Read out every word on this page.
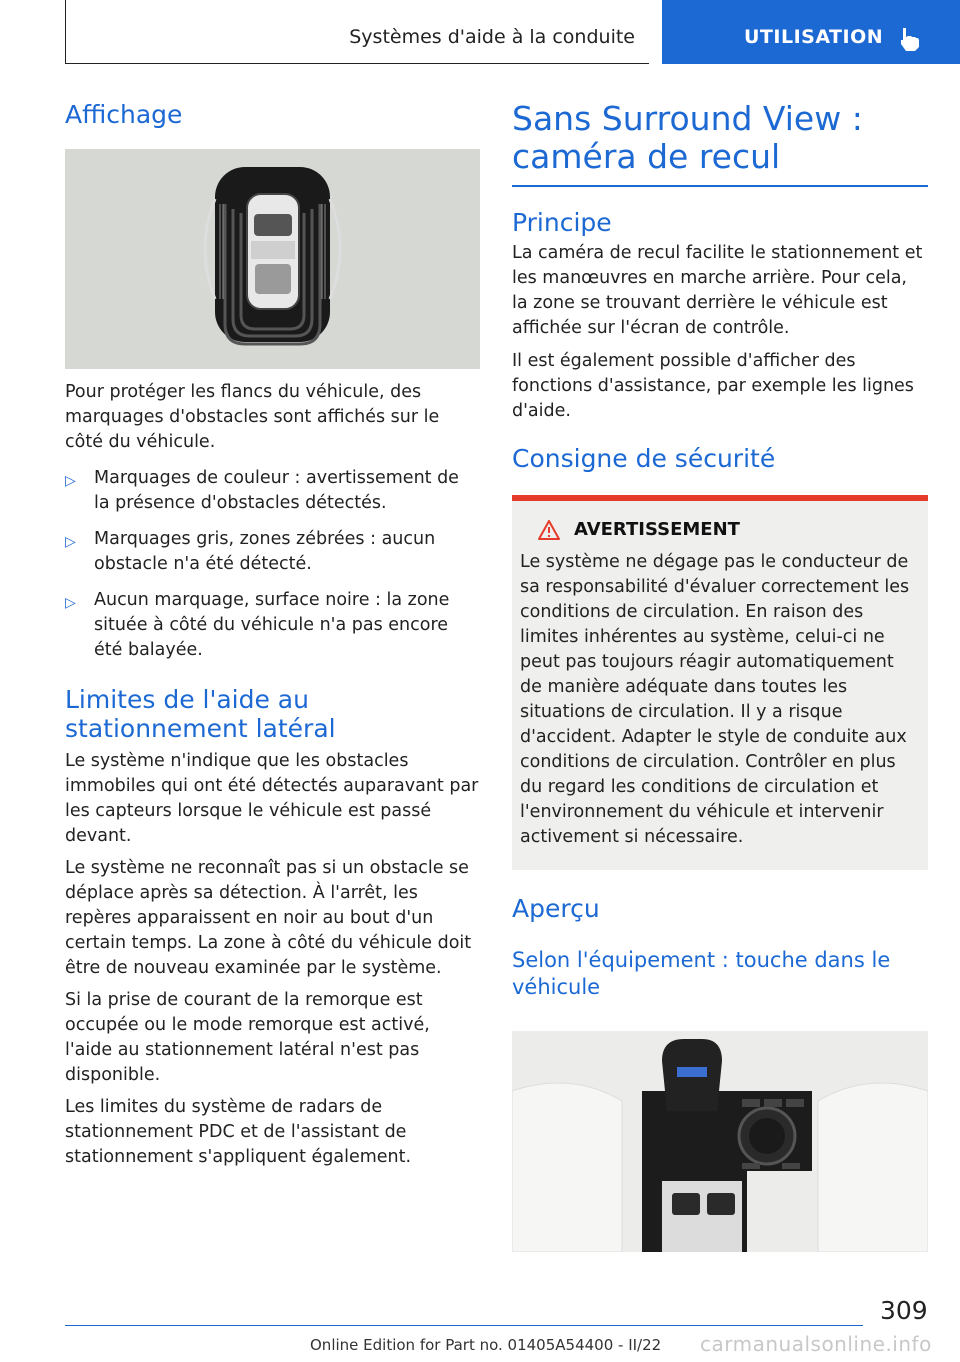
Systèmes d'aide à la conduite	UTILISATION
Affichage

Pour protéger les flancs du véhicule, des marquages d'obstacles sont affichés sur le côté du véhicule.

▷ Marquages de couleur : avertissement de la présence d'obstacles détectés.
▷ Marquages gris, zones zébrées : aucun obstacle n'a été détecté.
▷ Aucun marquage, surface noire : la zone située à côté du véhicule n'a pas encore été balayée.
Limites de l'aide au stationnement latéral

Le système n'indique que les obstacles immobiles qui ont été détectés auparavant par les capteurs lorsque le véhicule est passé devant.

Le système ne reconnaît pas si un obstacle se déplace après sa détection. À l'arrêt, les repères apparaissent en noir au bout d'un certain temps. La zone à côté du véhicule doit être de nouveau examinée par le système.

Si la prise de courant de la remorque est occupée ou le mode remorque est activé, l'aide au stationnement latéral n'est pas disponible.

Les limites du système de radars de stationnement PDC et de l'assistant de stationnement s'appliquent également.

Sans Surround View : caméra de recul
Principe

La caméra de recul facilite le stationnement et les manœuvres en marche arrière. Pour cela, la zone se trouvant derrière le véhicule est affichée sur l'écran de contrôle.

Il est également possible d'afficher des fonctions d'assistance, par exemple les lignes d'aide.

Consigne de sécurité
AVERTISSEMENT

Le système ne dégage pas le conducteur de sa responsabilité d'évaluer correctement les conditions de circulation. En raison des limites inhérentes au système, celui-ci ne peut pas toujours réagir automatiquement de manière adéquate dans toutes les situations de circulation. Il y a risque d'accident. Adapter le style de conduite aux conditions de circulation. Contrôler en plus du regard les conditions de circulation et l'environnement du véhicule et intervenir activement si nécessaire.

Aperçu
Selon l'équipement : touche dans le véhicule
309
Online Edition for Part no. 01405A54400 - II/22 carmanualsonline.info
